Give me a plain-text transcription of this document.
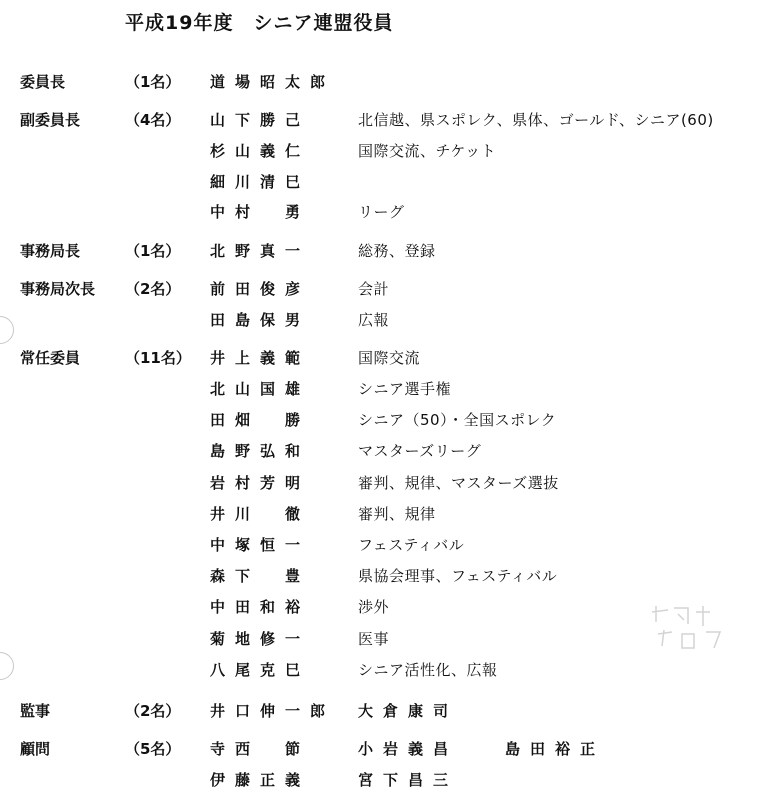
平成19年度　シニア連盟役員
委員長	（1名） 道場昭太郎
副委員長	（4名） 山下勝己	北信越、県スポレク、県体、ゴールド、シニア(60)
杉山義仁	国際交流、チケット
細川清巳
中村　勇	リーグ
事務局長	（1名） 北野真一	総務、登録
事務局次長 （2名） 前田俊彦	会計
田島保男	広報
常任委員	（11名） 井上義範	国際交流
北山国雄	シニア選手権
田畑　勝	シニア（50）・全国スポレク
島野弘和	マスターズリーグ
岩村芳明	審判、規律、マスターズ選抜
井川　徹	審判、規律
中塚恒一	フェスティバル
森下　豊	県協会理事、フェスティバル
中田和裕	渉外
菊地修一	医事
八尾克巳	シニア活性化、広報
監事	（2名） 井口伸一郎 大倉康司
顧問	（5名） 寺西　節	小岩義昌	島田裕正
伊藤正義	宮下昌三
